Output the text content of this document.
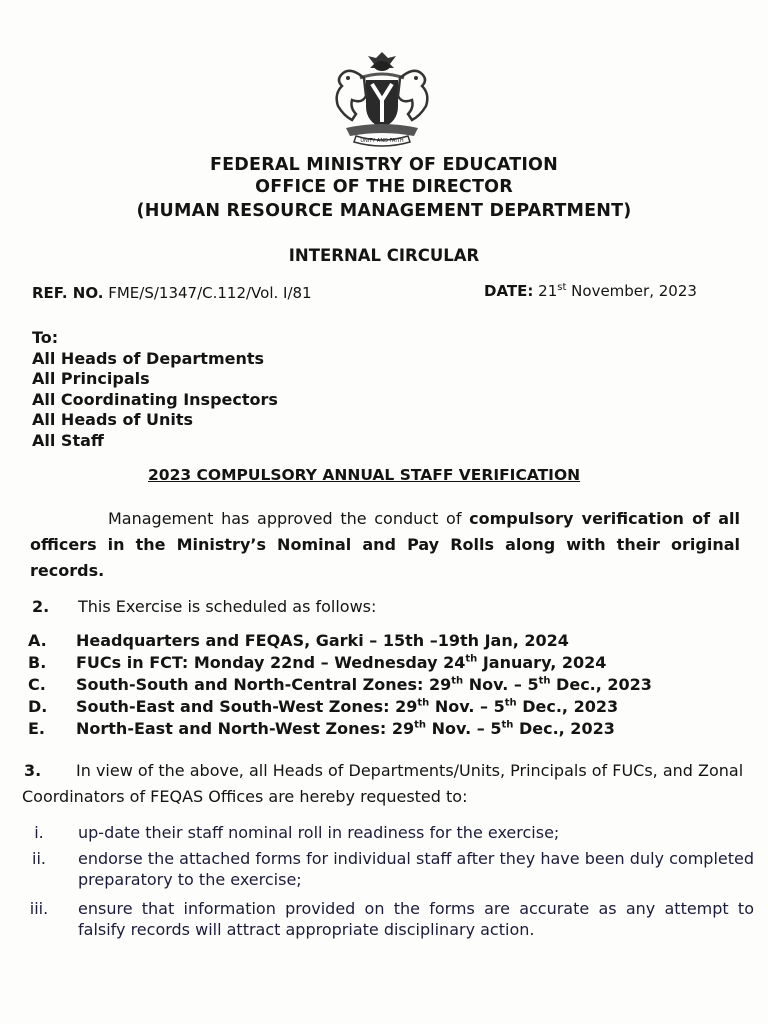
UNITY AND FAITH
FEDERAL MINISTRY OF EDUCATION
OFFICE OF THE DIRECTOR
(HUMAN RESOURCE MANAGEMENT DEPARTMENT)
INTERNAL CIRCULAR
REF. NO. FME/S/1347/C.112/Vol. I/81	DATE: 21st November, 2023
To:
All Heads of Departments
All Principals
All Coordinating Inspectors
All Heads of Units
All Staff
2023 COMPULSORY ANNUAL STAFF VERIFICATION
Management has approved the conduct of compulsory verification of all officers in the Ministry’s Nominal and Pay Rolls along with their original records.
2. This Exercise is scheduled as follows:
A. Headquarters and FEQAS, Garki – 15th –19th Jan, 2024
B. FUCs in FCT: Monday 22nd – Wednesday 24th January, 2024
C. South-South and North-Central Zones: 29th Nov. – 5th Dec., 2023
D. South-East and South-West Zones: 29th Nov. – 5th Dec., 2023
E. North-East and North-West Zones: 29th Nov. – 5th Dec., 2023
3. In view of the above, all Heads of Departments/Units, Principals of FUCs, and Zonal Coordinators of FEQAS Offices are hereby requested to:
i.	up-date their staff nominal roll in readiness for the exercise;
ii.	endorse the attached forms for individual staff after they have been duly completed preparatory to the exercise;
iii.	ensure that information provided on the forms are accurate as any attempt to falsify records will attract appropriate disciplinary action.
